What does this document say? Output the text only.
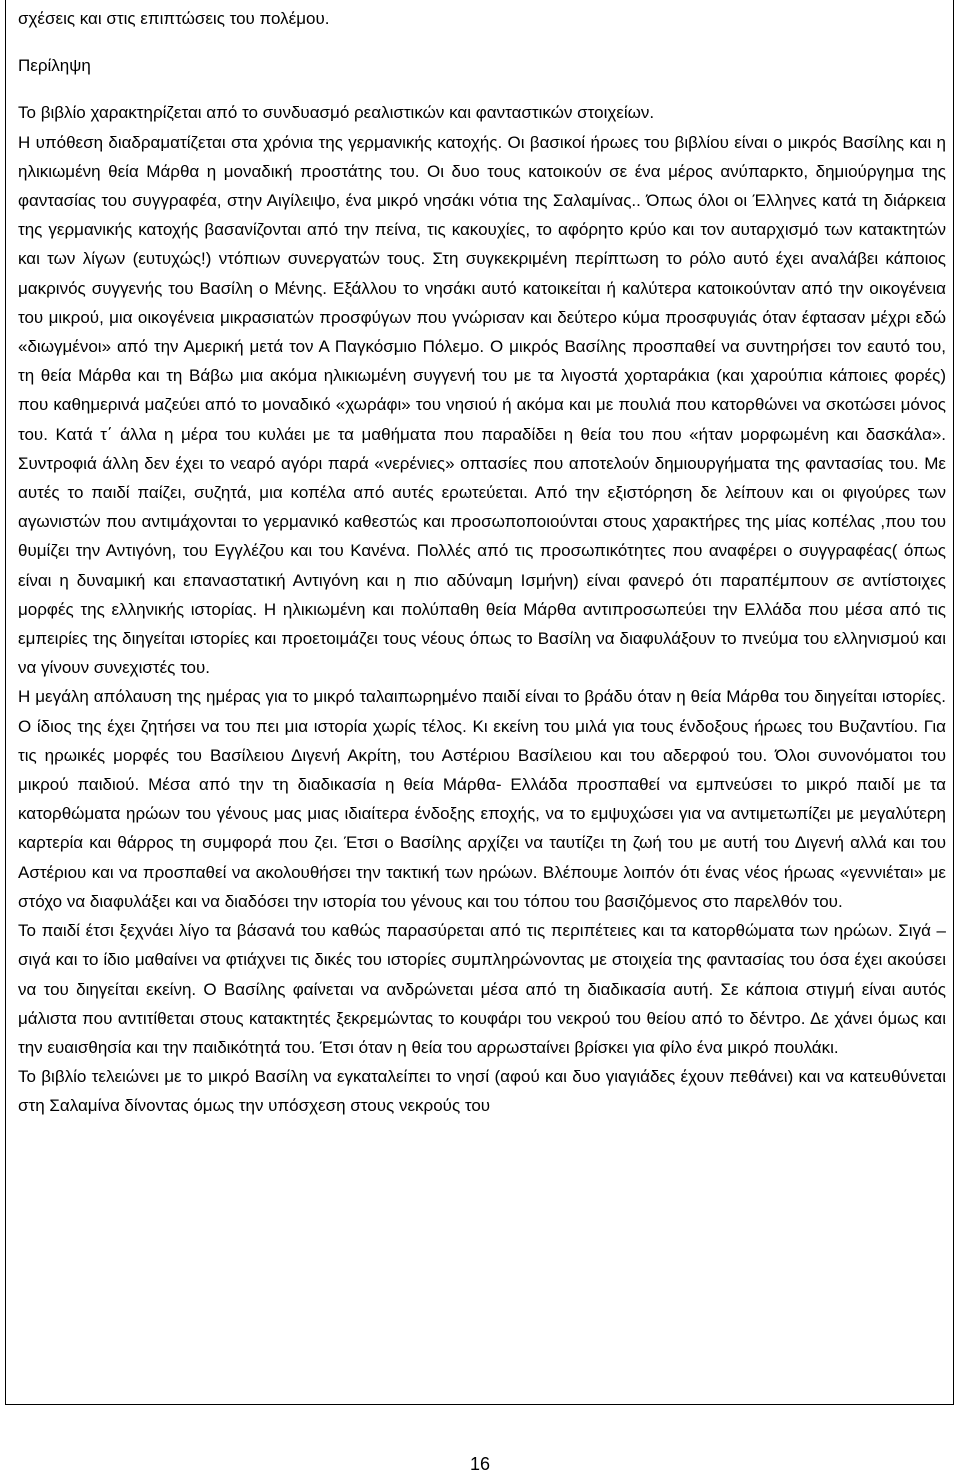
σχέσεις και στις επιπτώσεις του πολέμου.

Περίληψη

Το βιβλίο χαρακτηρίζεται από το συνδυασμό ρεαλιστικών και φανταστικών στοιχείων.

Η υπόθεση διαδραματίζεται στα χρόνια της γερμανικής κατοχής. Οι βασικοί ήρωες του βιβλίου είναι ο μικρός Βασίλης και η ηλικιωμένη θεία Μάρθα η μοναδική προστάτης του. Οι δυο τους κατοικούν σε ένα μέρος ανύπαρκτο, δημιούργημα της φαντασίας του συγγραφέα, στην Αιγίλειψο, ένα μικρό νησάκι νότια της Σαλαμίνας.. Όπως όλοι οι Έλληνες κατά τη διάρκεια της γερμανικής κατοχής βασανίζονται από την πείνα, τις κακουχίες, το αφόρητο κρύο και τον αυταρχισμό των κατακτητών και των λίγων (ευτυχώς!) ντόπιων συνεργατών τους. Στη συγκεκριμένη περίπτωση το ρόλο αυτό έχει αναλάβει κάποιος μακρινός συγγενής του Βασίλη ο Μένης. Εξάλλου το νησάκι αυτό κατοικείται ή καλύτερα κατοικούνταν από την οικογένεια του μικρού, μια οικογένεια μικρασιατών προσφύγων που γνώρισαν και δεύτερο κύμα προσφυγιάς όταν έφτασαν μέχρι εδώ «διωγμένοι» από την Αμερική μετά τον Α Παγκόσμιο Πόλεμο. Ο μικρός Βασίλης προσπαθεί να συντηρήσει τον εαυτό του, τη θεία Μάρθα και τη Βάβω μια ακόμα ηλικιωμένη συγγενή του με τα λιγοστά χορταράκια (και χαρούπια κάποιες φορές) που καθημερινά μαζεύει από το μοναδικό «χωράφι» του νησιού ή ακόμα και με πουλιά που κατορθώνει να σκοτώσει μόνος του. Κατά τ΄ άλλα η μέρα του κυλάει με τα μαθήματα που παραδίδει η θεία του που «ήταν μορφωμένη και δασκάλα». Συντροφιά άλλη δεν έχει το νεαρό αγόρι παρά «νερένιες» οπτασίες που αποτελούν δημιουργήματα της φαντασίας του. Με αυτές το παιδί παίζει, συζητά, μια κοπέλα από αυτές ερωτεύεται. Από την εξιστόρηση δε λείπουν και οι φιγούρες των αγωνιστών που αντιμάχονται το γερμανικό καθεστώς και προσωποποιούνται στους χαρακτήρες της μίας κοπέλας ,που του θυμίζει την Αντιγόνη, του Εγγλέζου και του Κανένα. Πολλές από τις προσωπικότητες που αναφέρει ο συγγραφέας( όπως είναι η δυναμική και επαναστατική Αντιγόνη και η πιο αδύναμη Ισμήνη) είναι φανερό ότι παραπέμπουν σε αντίστοιχες μορφές της ελληνικής ιστορίας. Η ηλικιωμένη και πολύπαθη θεία Μάρθα αντιπροσωπεύει την Ελλάδα που μέσα από τις εμπειρίες της διηγείται ιστορίες και προετοιμάζει τους νέους όπως το Βασίλη να διαφυλάξουν το πνεύμα του ελληνισμού και να γίνουν συνεχιστές του.

Η μεγάλη απόλαυση της ημέρας για το μικρό ταλαιπωρημένο παιδί είναι το βράδυ όταν η θεία Μάρθα του διηγείται ιστορίες. Ο ίδιος της έχει ζητήσει να του πει μια ιστορία χωρίς τέλος. Κι εκείνη του μιλά για τους ένδοξους ήρωες του Βυζαντίου. Για τις ηρωικές μορφές του Βασίλειου Διγενή Ακρίτη, του Αστέριου Βασίλειου και του αδερφού του. Όλοι συνονόματοι του μικρού παιδιού. Μέσα από την τη διαδικασία η θεία Μάρθα- Ελλάδα προσπαθεί να εμπνεύσει το μικρό παιδί με τα κατορθώματα ηρώων του γένους μας μιας ιδιαίτερα ένδοξης εποχής, να το εμψυχώσει για να αντιμετωπίζει με μεγαλύτερη καρτερία και θάρρος τη συμφορά που ζει. Έτσι ο Βασίλης αρχίζει να ταυτίζει τη ζωή του με αυτή του Διγενή αλλά και του Αστέριου και να προσπαθεί να ακολουθήσει την τακτική των ηρώων. Βλέπουμε λοιπόν ότι ένας νέος ήρωας «γεννιέται» με στόχο να διαφυλάξει και να διαδόσει την ιστορία του γένους και του τόπου του βασιζόμενος στο παρελθόν του.

Το παιδί έτσι ξεχνάει λίγο τα βάσανά του καθώς παρασύρεται από τις περιπέτειες και τα κατορθώματα των ηρώων. Σιγά – σιγά και το ίδιο μαθαίνει να φτιάχνει τις δικές του ιστορίες συμπληρώνοντας με στοιχεία της φαντασίας του όσα έχει ακούσει να του διηγείται εκείνη. Ο Βασίλης φαίνεται να ανδρώνεται μέσα από τη διαδικασία αυτή. Σε κάποια στιγμή είναι αυτός μάλιστα που αντιτίθεται στους κατακτητές ξεκρεμώντας το κουφάρι του νεκρού του θείου από το δέντρο. Δε χάνει όμως και την ευαισθησία και την παιδικότητά του. Έτσι όταν η θεία του αρρωσταίνει βρίσκει για φίλο ένα μικρό πουλάκι.

Το βιβλίο τελειώνει με το μικρό Βασίλη να εγκαταλείπει το νησί (αφού και δυο γιαγιάδες έχουν πεθάνει) και να κατευθύνεται στη Σαλαμίνα δίνοντας όμως την υπόσχεση στους νεκρούς του

16
